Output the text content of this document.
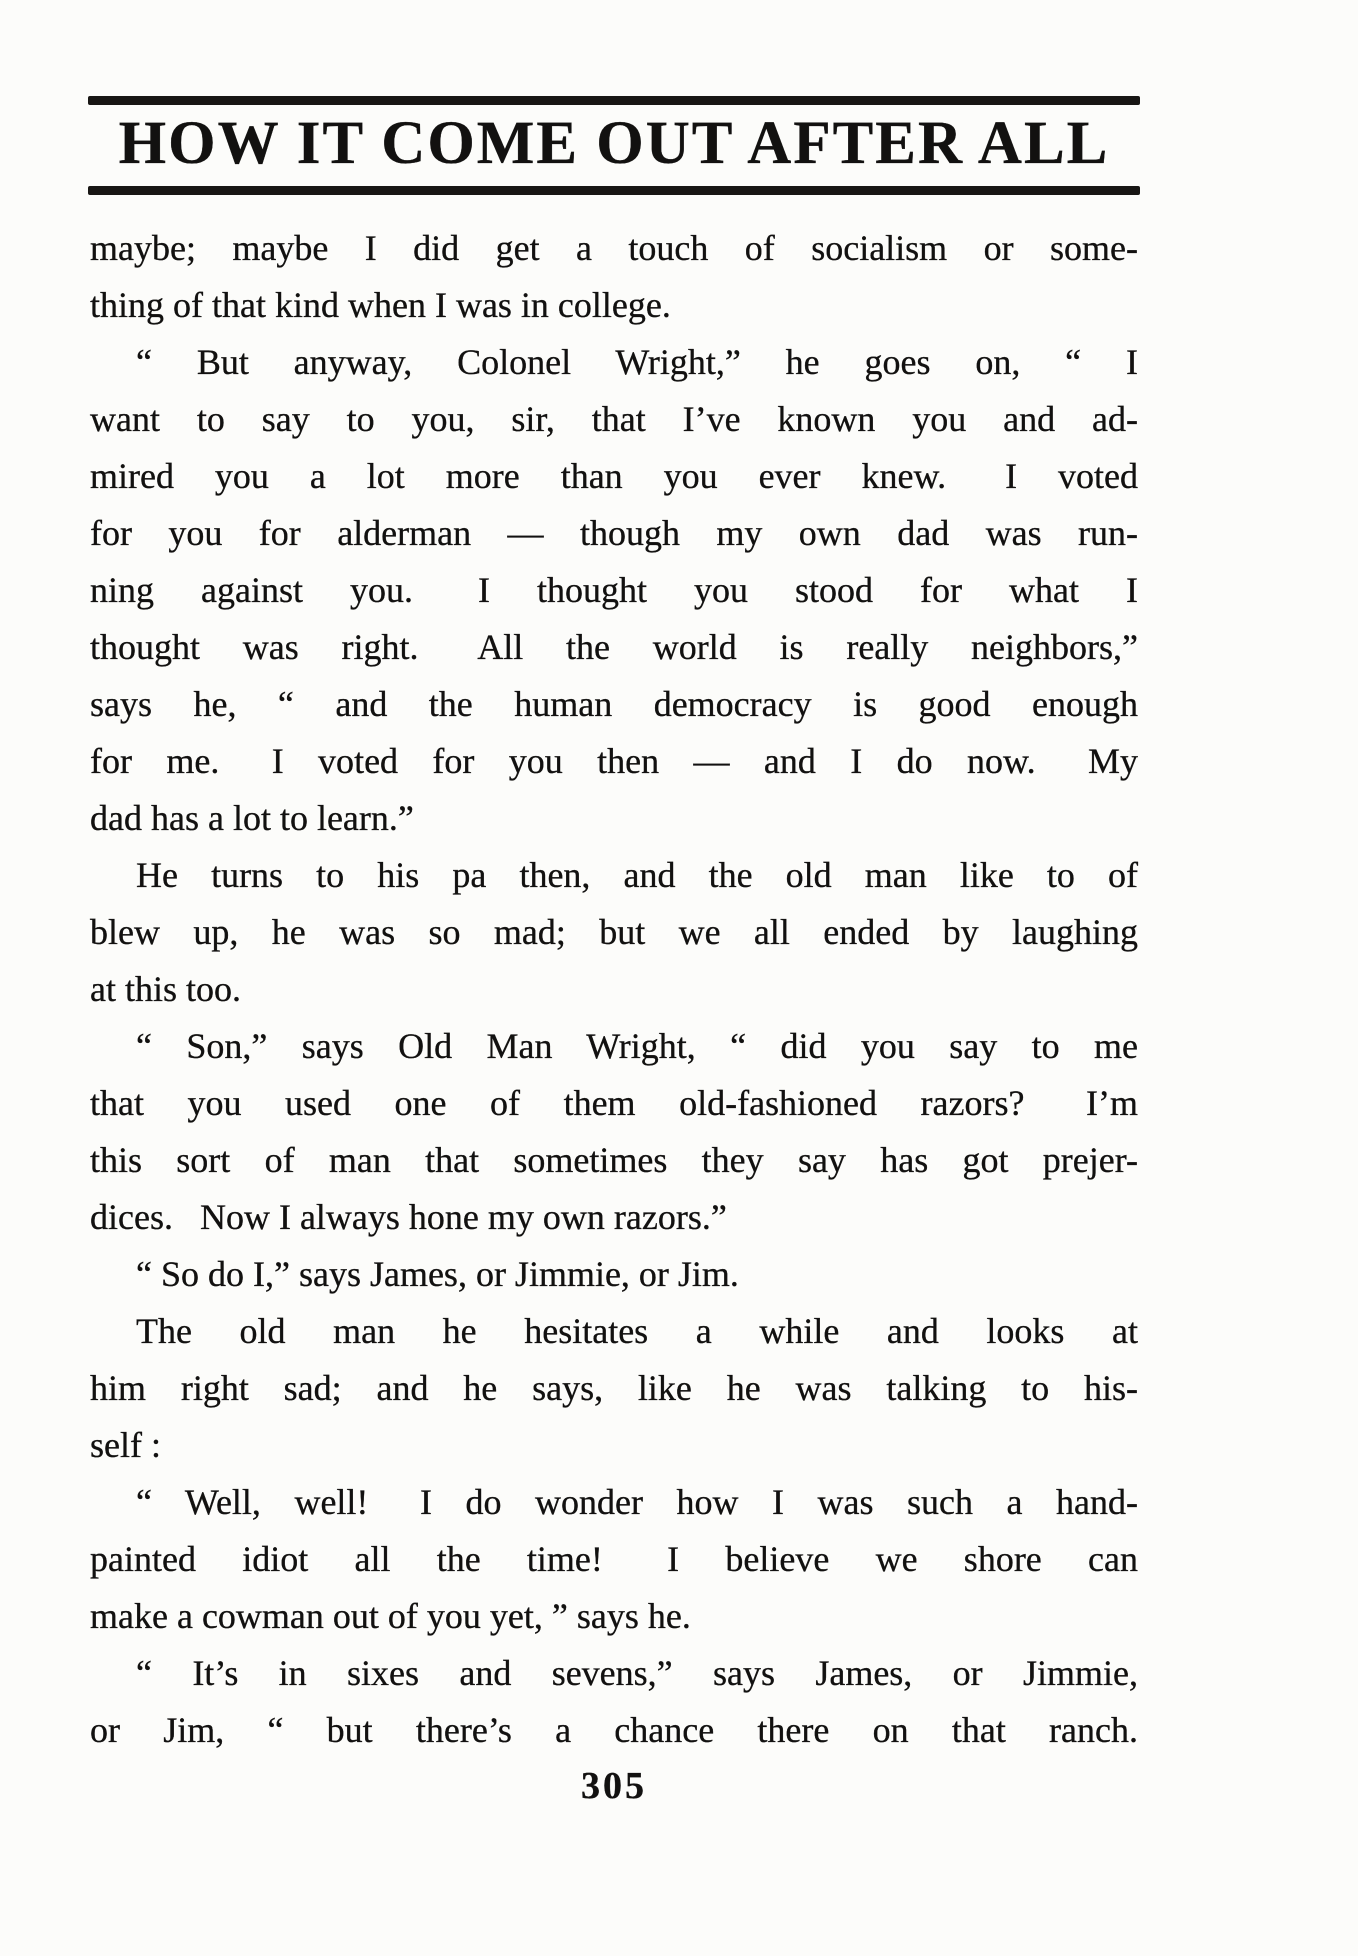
HOW IT COME OUT AFTER ALL
maybe; maybe I did get a touch of socialism or some-
thing of that kind when I was in college.
“ But anyway, Colonel Wright,” he goes on, “ I
want to say to you, sir, that I’ve known you and ad-
mired you a lot more than you ever knew.  I voted
for you for alderman — though my own dad was run-
ning against you.  I thought you stood for what I
thought was right.  All the world is really neighbors,”
says he, “ and the human democracy is good enough
for me.  I voted for you then — and I do now.  My
dad has a lot to learn.”
He turns to his pa then, and the old man like to of
blew up, he was so mad; but we all ended by laughing
at this too.
“ Son,” says Old Man Wright, “ did you say to me
that you used one of them old-fashioned razors?  I’m
this sort of man that sometimes they say has got prejer-
dices.  Now I always hone my own razors.”
“ So do I,” says James, or Jimmie, or Jim.
The old man he hesitates a while and looks at
him right sad; and he says, like he was talking to his-
self :
“ Well, well!  I do wonder how I was such a hand-
painted idiot all the time!  I believe we shore can
make a cowman out of you yet, ” says he.
“ It’s in sixes and sevens,” says James, or Jimmie,
or Jim, “ but there’s a chance there on that ranch.
305
